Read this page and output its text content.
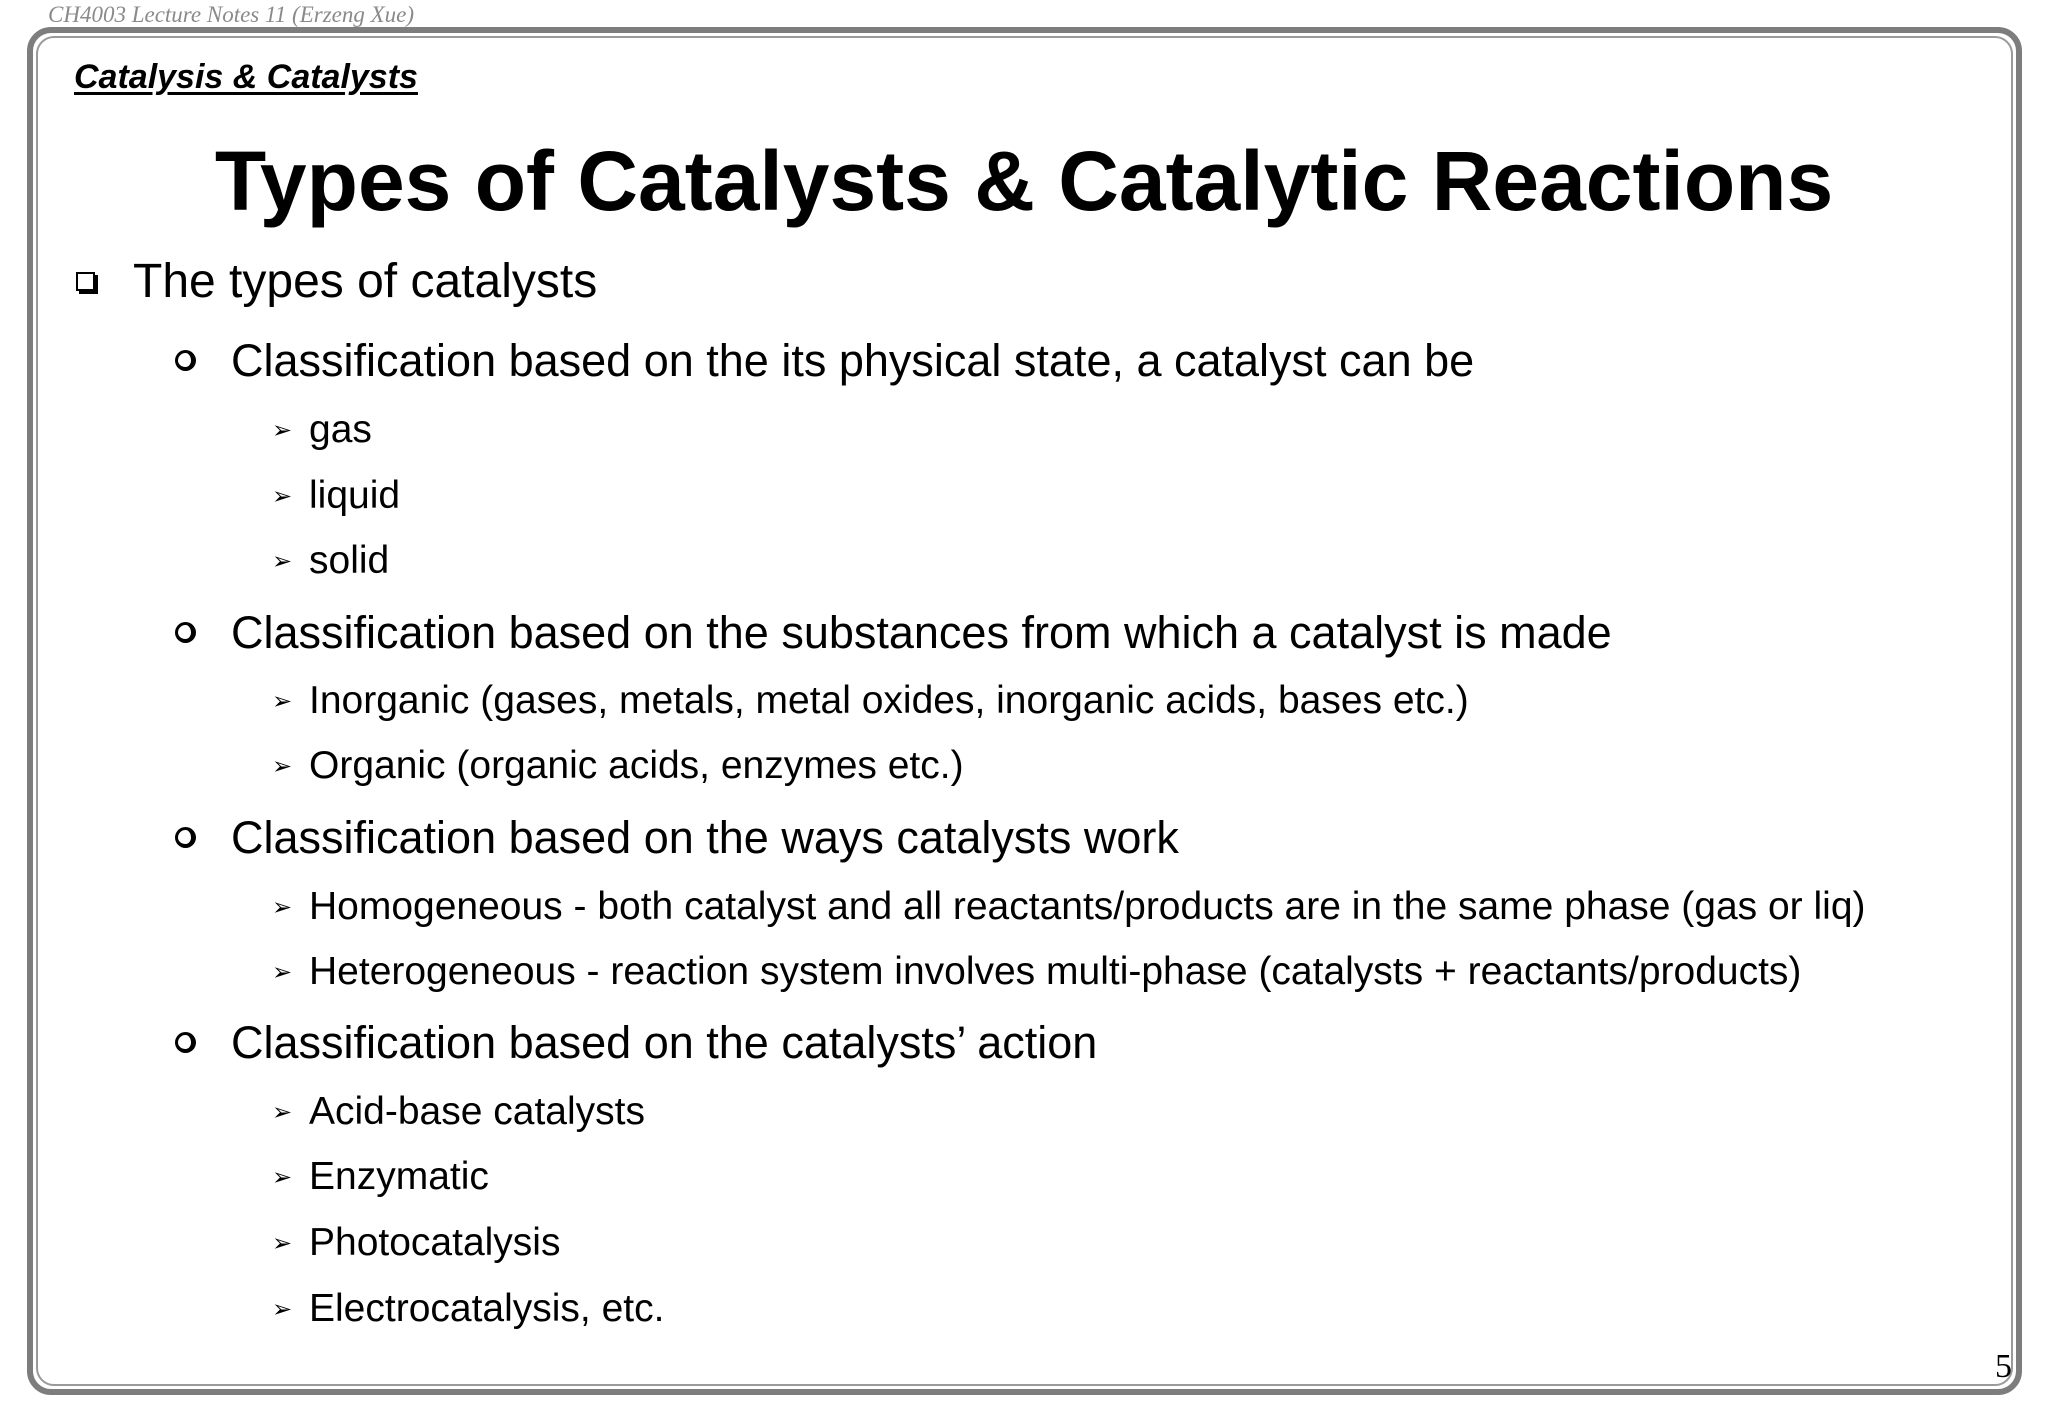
CH4003 Lecture Notes 11 (Erzeng Xue)
Catalysis & Catalysts
Types of Catalysts & Catalytic Reactions
The types of catalysts
Classification based on the its physical state, a catalyst can be
➢ gas
➢ liquid
➢ solid
Classification based on the substances from which a catalyst is made
➢ Inorganic (gases, metals, metal oxides, inorganic acids, bases etc.)
➢ Organic (organic acids, enzymes etc.)
Classification based on the ways catalysts work
➢ Homogeneous - both catalyst and all reactants/products are in the same phase (gas or liq)
➢ Heterogeneous - reaction system involves multi-phase (catalysts + reactants/products)
Classification based on the catalysts’ action
➢ Acid-base catalysts
➢ Enzymatic
➢ Photocatalysis
➢ Electrocatalysis, etc.
5
